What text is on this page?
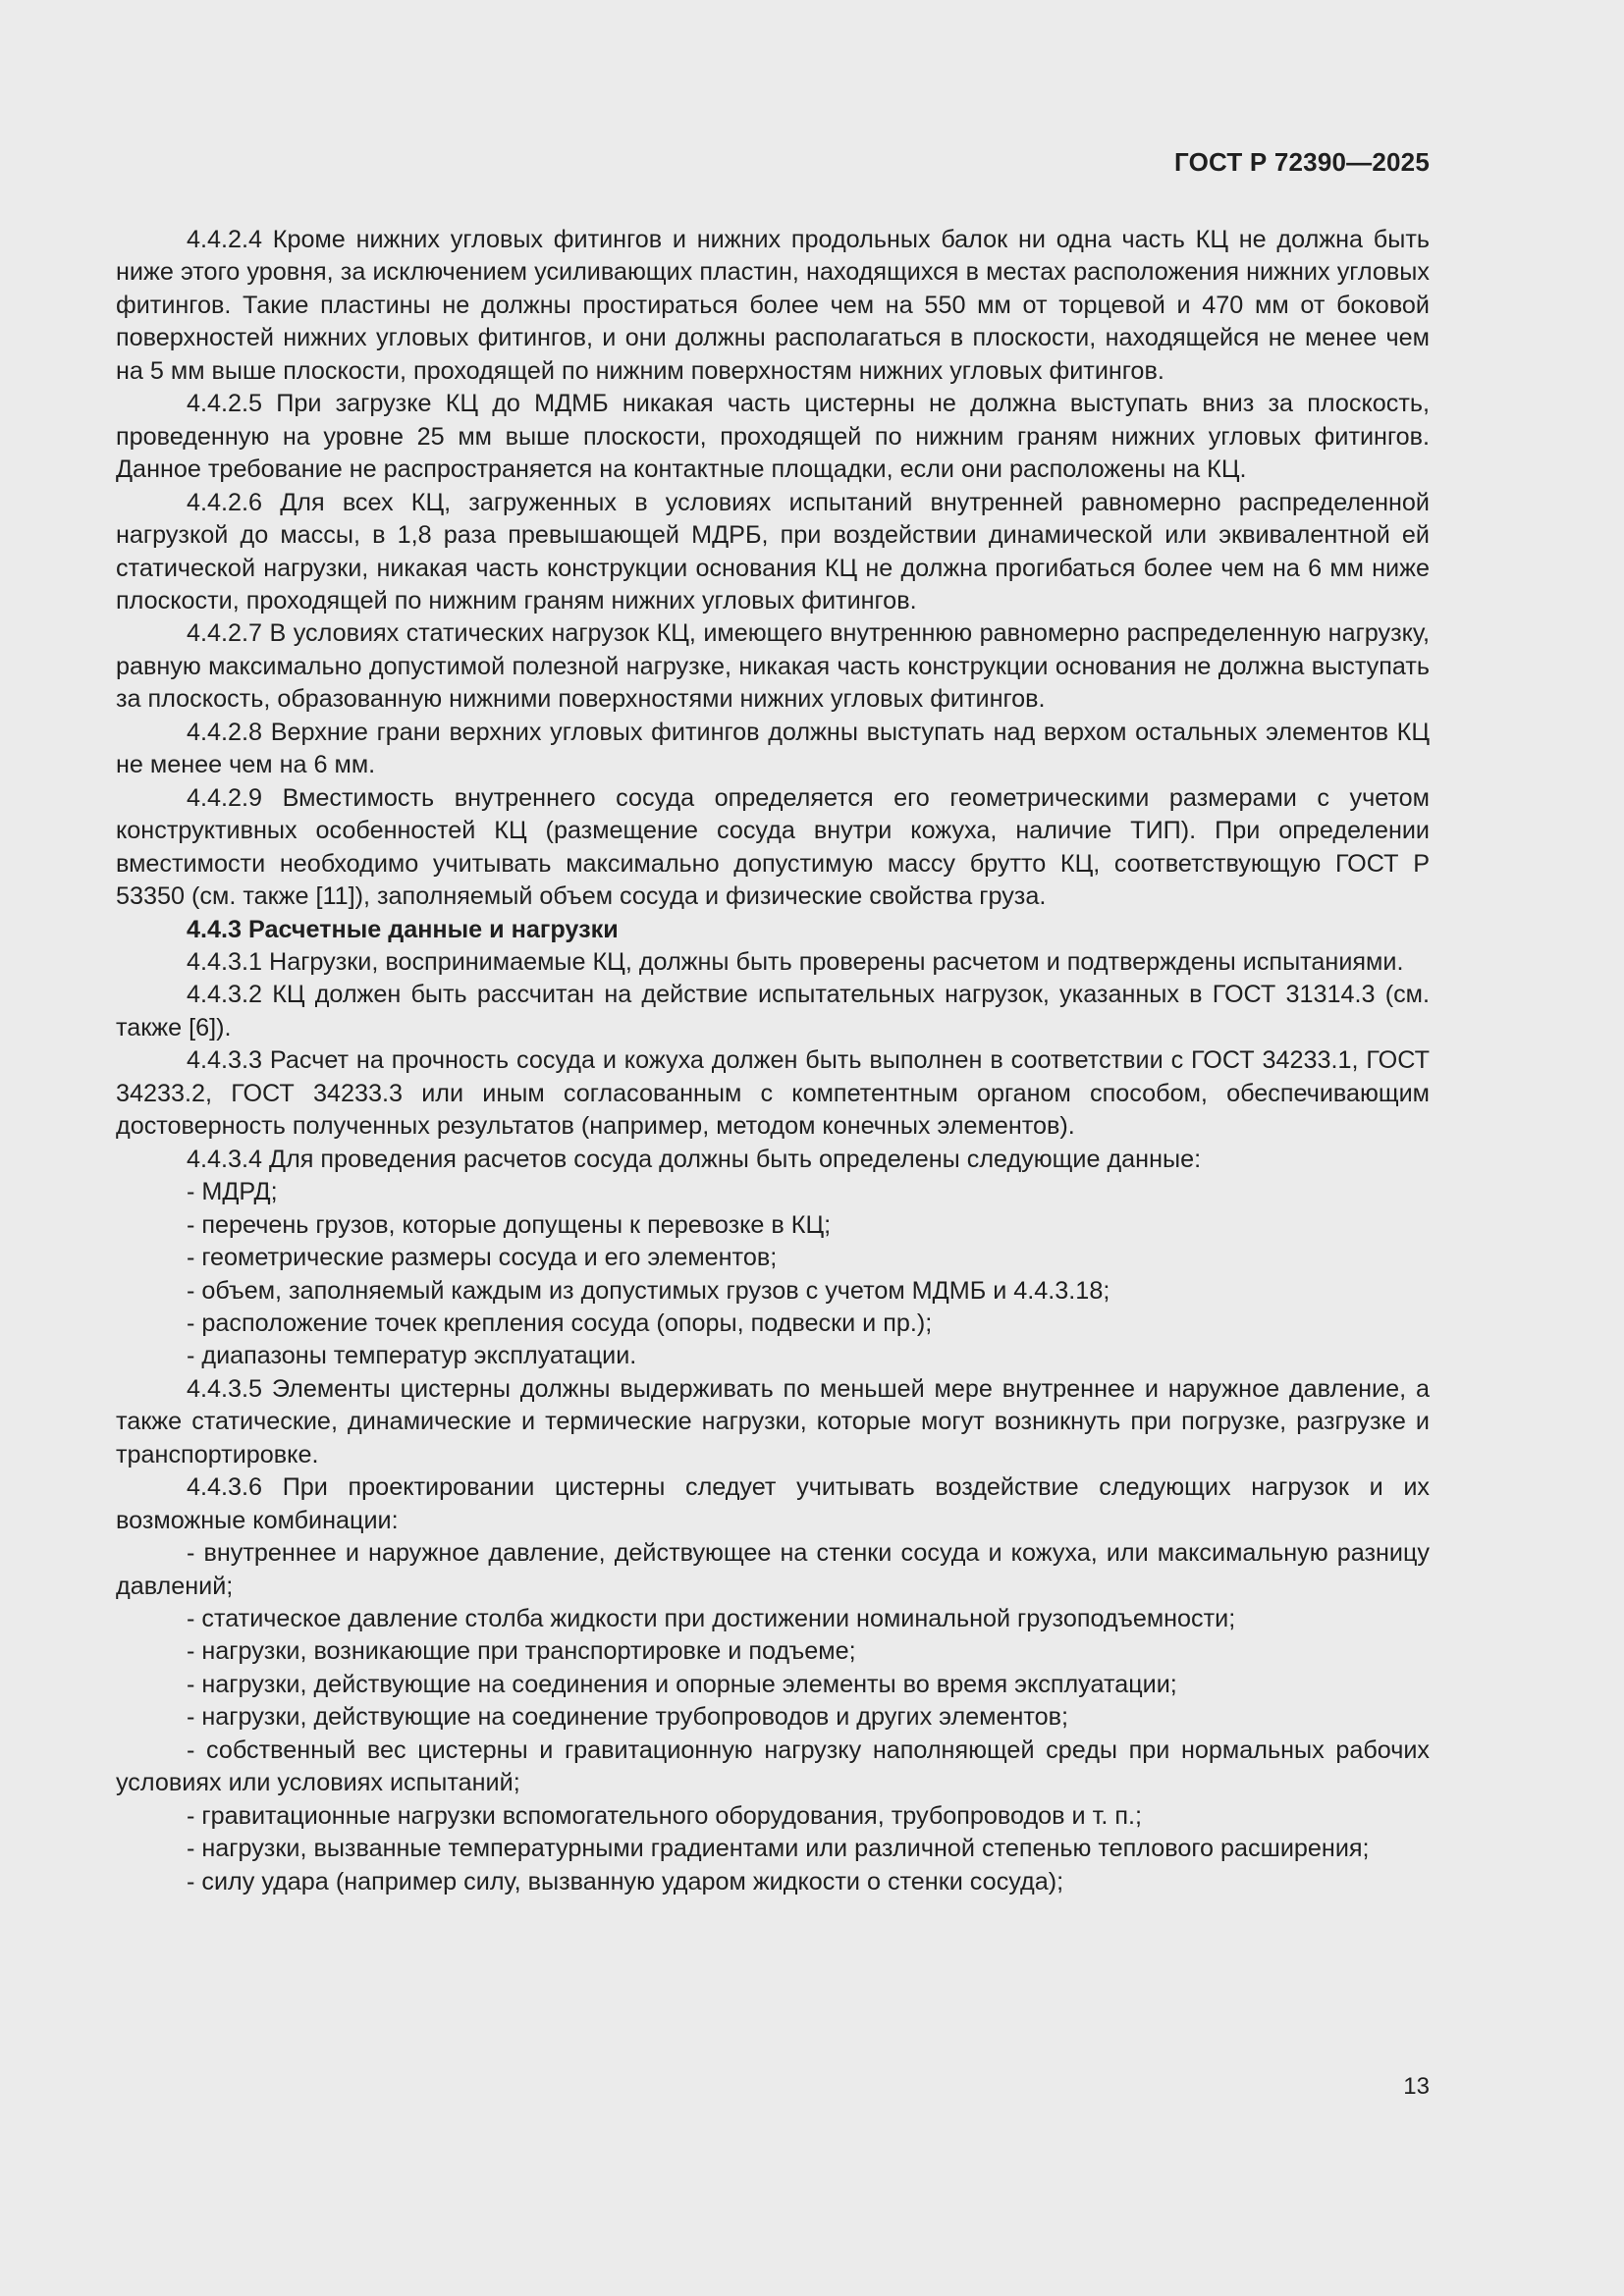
ГОСТ Р 72390—2025

4.4.2.4 Кроме нижних угловых фитингов и нижних продольных балок ни одна часть КЦ не должна быть ниже этого уровня, за исключением усиливающих пластин, находящихся в местах расположения нижних угловых фитингов. Такие пластины не должны простираться более чем на 550 мм от торцевой и 470 мм от боковой поверхностей нижних угловых фитингов, и они должны располагаться в плоскости, находящейся не менее чем на 5 мм выше плоскости, проходящей по нижним поверхностям нижних угловых фитингов.

4.4.2.5 При загрузке КЦ до МДМБ никакая часть цистерны не должна выступать вниз за плоскость, проведенную на уровне 25 мм выше плоскости, проходящей по нижним граням нижних угловых фитингов. Данное требование не распространяется на контактные площадки, если они расположены на КЦ.

4.4.2.6 Для всех КЦ, загруженных в условиях испытаний внутренней равномерно распределенной нагрузкой до массы, в 1,8 раза превышающей МДРБ, при воздействии динамической или эквивалентной ей статической нагрузки, никакая часть конструкции основания КЦ не должна прогибаться более чем на 6 мм ниже плоскости, проходящей по нижним граням нижних угловых фитингов.

4.4.2.7 В условиях статических нагрузок КЦ, имеющего внутреннюю равномерно распределенную нагрузку, равную максимально допустимой полезной нагрузке, никакая часть конструкции основания не должна выступать за плоскость, образованную нижними поверхностями нижних угловых фитингов.

4.4.2.8 Верхние грани верхних угловых фитингов должны выступать над верхом остальных элементов КЦ не менее чем на 6 мм.

4.4.2.9 Вместимость внутреннего сосуда определяется его геометрическими размерами с учетом конструктивных особенностей КЦ (размещение сосуда внутри кожуха, наличие ТИП). При определении вместимости необходимо учитывать максимально допустимую массу брутто КЦ, соответствующую ГОСТ Р 53350 (см. также [11]), заполняемый объем сосуда и физические свойства груза.

4.4.3 Расчетные данные и нагрузки

4.4.3.1 Нагрузки, воспринимаемые КЦ, должны быть проверены расчетом и подтверждены испытаниями.

4.4.3.2 КЦ должен быть рассчитан на действие испытательных нагрузок, указанных в ГОСТ 31314.3 (см. также [6]).

4.4.3.3 Расчет на прочность сосуда и кожуха должен быть выполнен в соответствии с ГОСТ 34233.1, ГОСТ 34233.2, ГОСТ 34233.3 или иным согласованным с компетентным органом способом, обеспечивающим достоверность полученных результатов (например, методом конечных элементов).

4.4.3.4 Для проведения расчетов сосуда должны быть определены следующие данные:

- МДРД;

- перечень грузов, которые допущены к перевозке в КЦ;

- геометрические размеры сосуда и его элементов;

- объем, заполняемый каждым из допустимых грузов с учетом МДМБ и 4.4.3.18;

- расположение точек крепления сосуда (опоры, подвески и пр.);

- диапазоны температур эксплуатации.

4.4.3.5 Элементы цистерны должны выдерживать по меньшей мере внутреннее и наружное давление, а также статические, динамические и термические нагрузки, которые могут возникнуть при погрузке, разгрузке и транспортировке.

4.4.3.6 При проектировании цистерны следует учитывать воздействие следующих нагрузок и их возможные комбинации:

- внутреннее и наружное давление, действующее на стенки сосуда и кожуха, или максимальную разницу давлений;

- статическое давление столба жидкости при достижении номинальной грузоподъемности;

- нагрузки, возникающие при транспортировке и подъеме;

- нагрузки, действующие на соединения и опорные элементы во время эксплуатации;

- нагрузки, действующие на соединение трубопроводов и других элементов;

- собственный вес цистерны и гравитационную нагрузку наполняющей среды при нормальных рабочих условиях или условиях испытаний;

- гравитационные нагрузки вспомогательного оборудования, трубопроводов и т. п.;

- нагрузки, вызванные температурными градиентами или различной степенью теплового расширения;

- силу удара (например силу, вызванную ударом жидкости о стенки сосуда);

13
